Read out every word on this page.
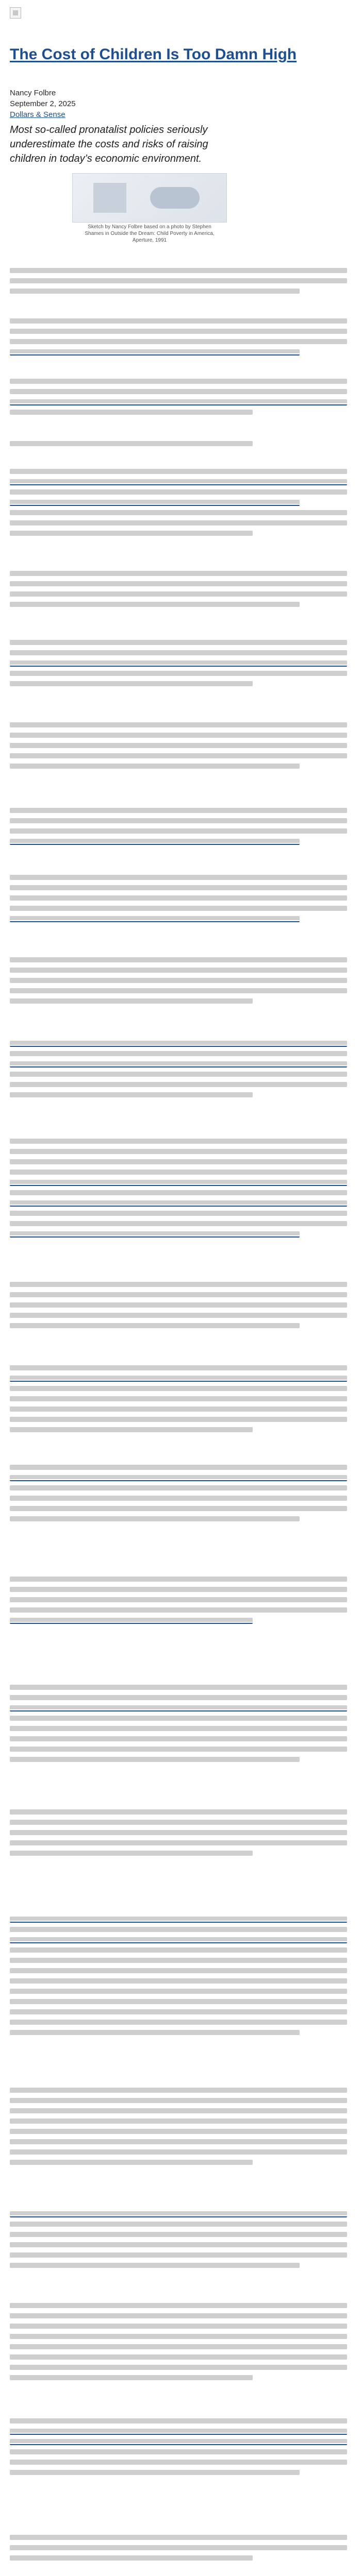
The Cost of Children Is Too Damn High
Nancy Folbre
September 2, 2025
Dollars & Sense
Most so-called pronatalist policies seriously underestimate the costs and risks of raising children in today’s economic environment.
Sketch by Nancy Folbre based on a photo by Stephen Shames in Outside the Dream: Child Poverty in America, Aperture, 1991
